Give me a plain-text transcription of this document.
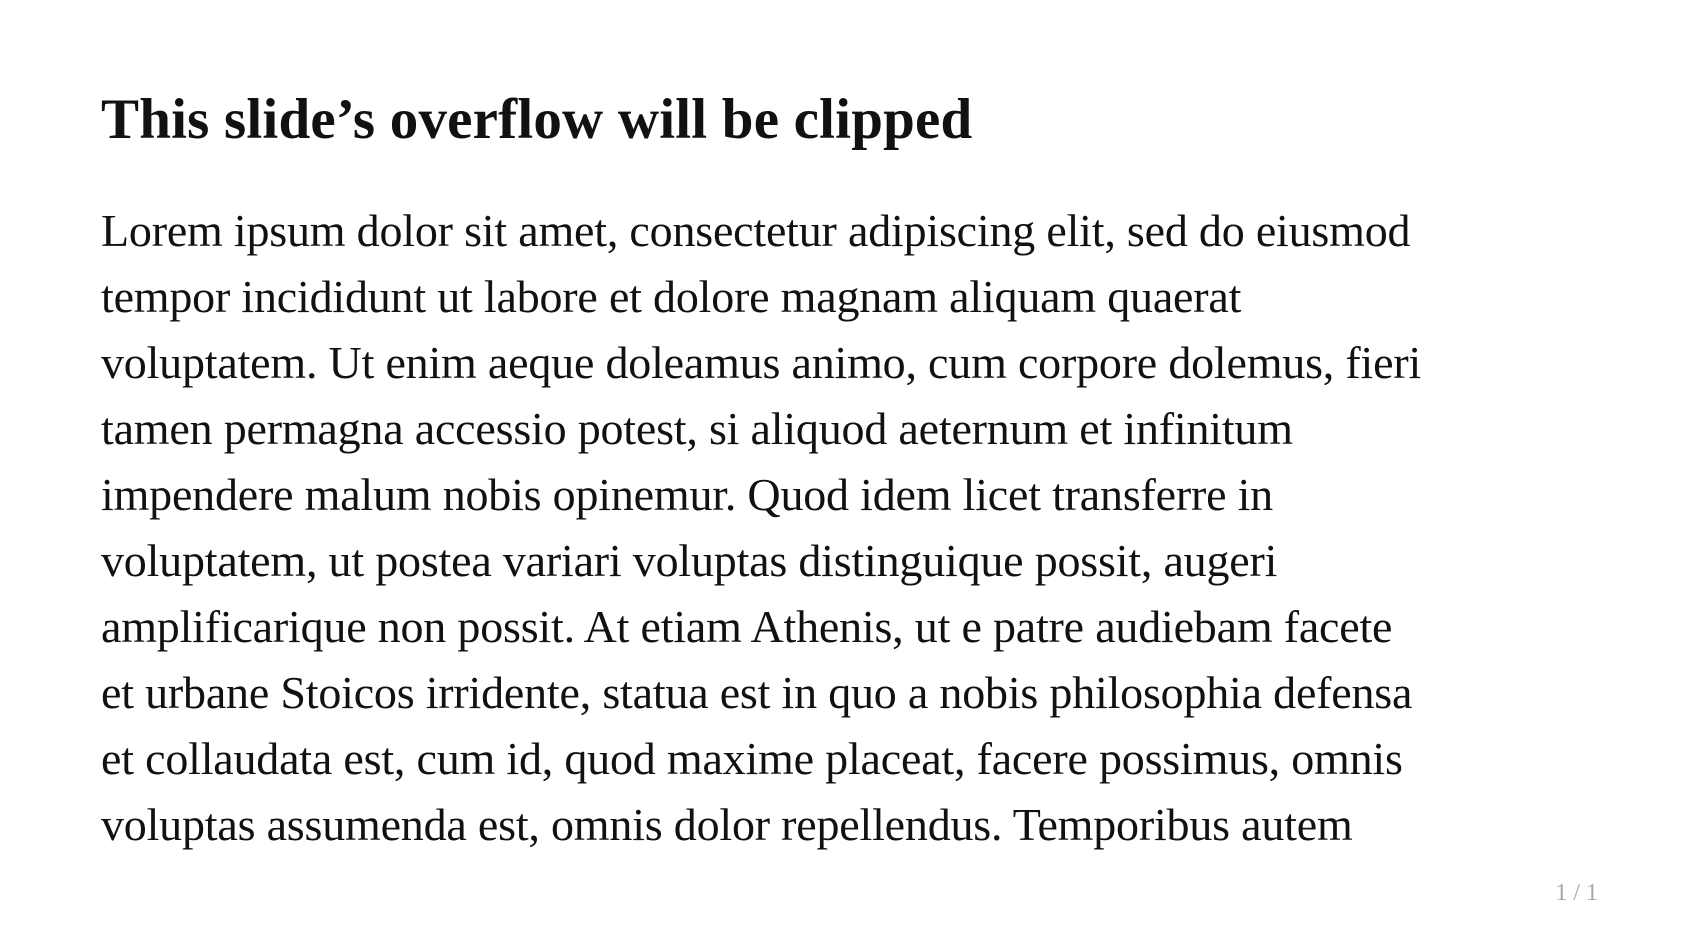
This slide’s overflow will be clipped
Lorem ipsum dolor sit amet, consectetur adipiscing elit, sed do eiusmod
tempor incididunt ut labore et dolore magnam aliquam quaerat
voluptatem. Ut enim aeque doleamus animo, cum corpore dolemus, fieri
tamen permagna accessio potest, si aliquod aeternum et infinitum
impendere malum nobis opinemur. Quod idem licet transferre in
voluptatem, ut postea variari voluptas distinguique possit, augeri
amplificarique non possit. At etiam Athenis, ut e patre audiebam facete
et urbane Stoicos irridente, statua est in quo a nobis philosophia defensa
et collaudata est, cum id, quod maxime placeat, facere possimus, omnis
voluptas assumenda est, omnis dolor repellendus. Temporibus autem
1 / 1
